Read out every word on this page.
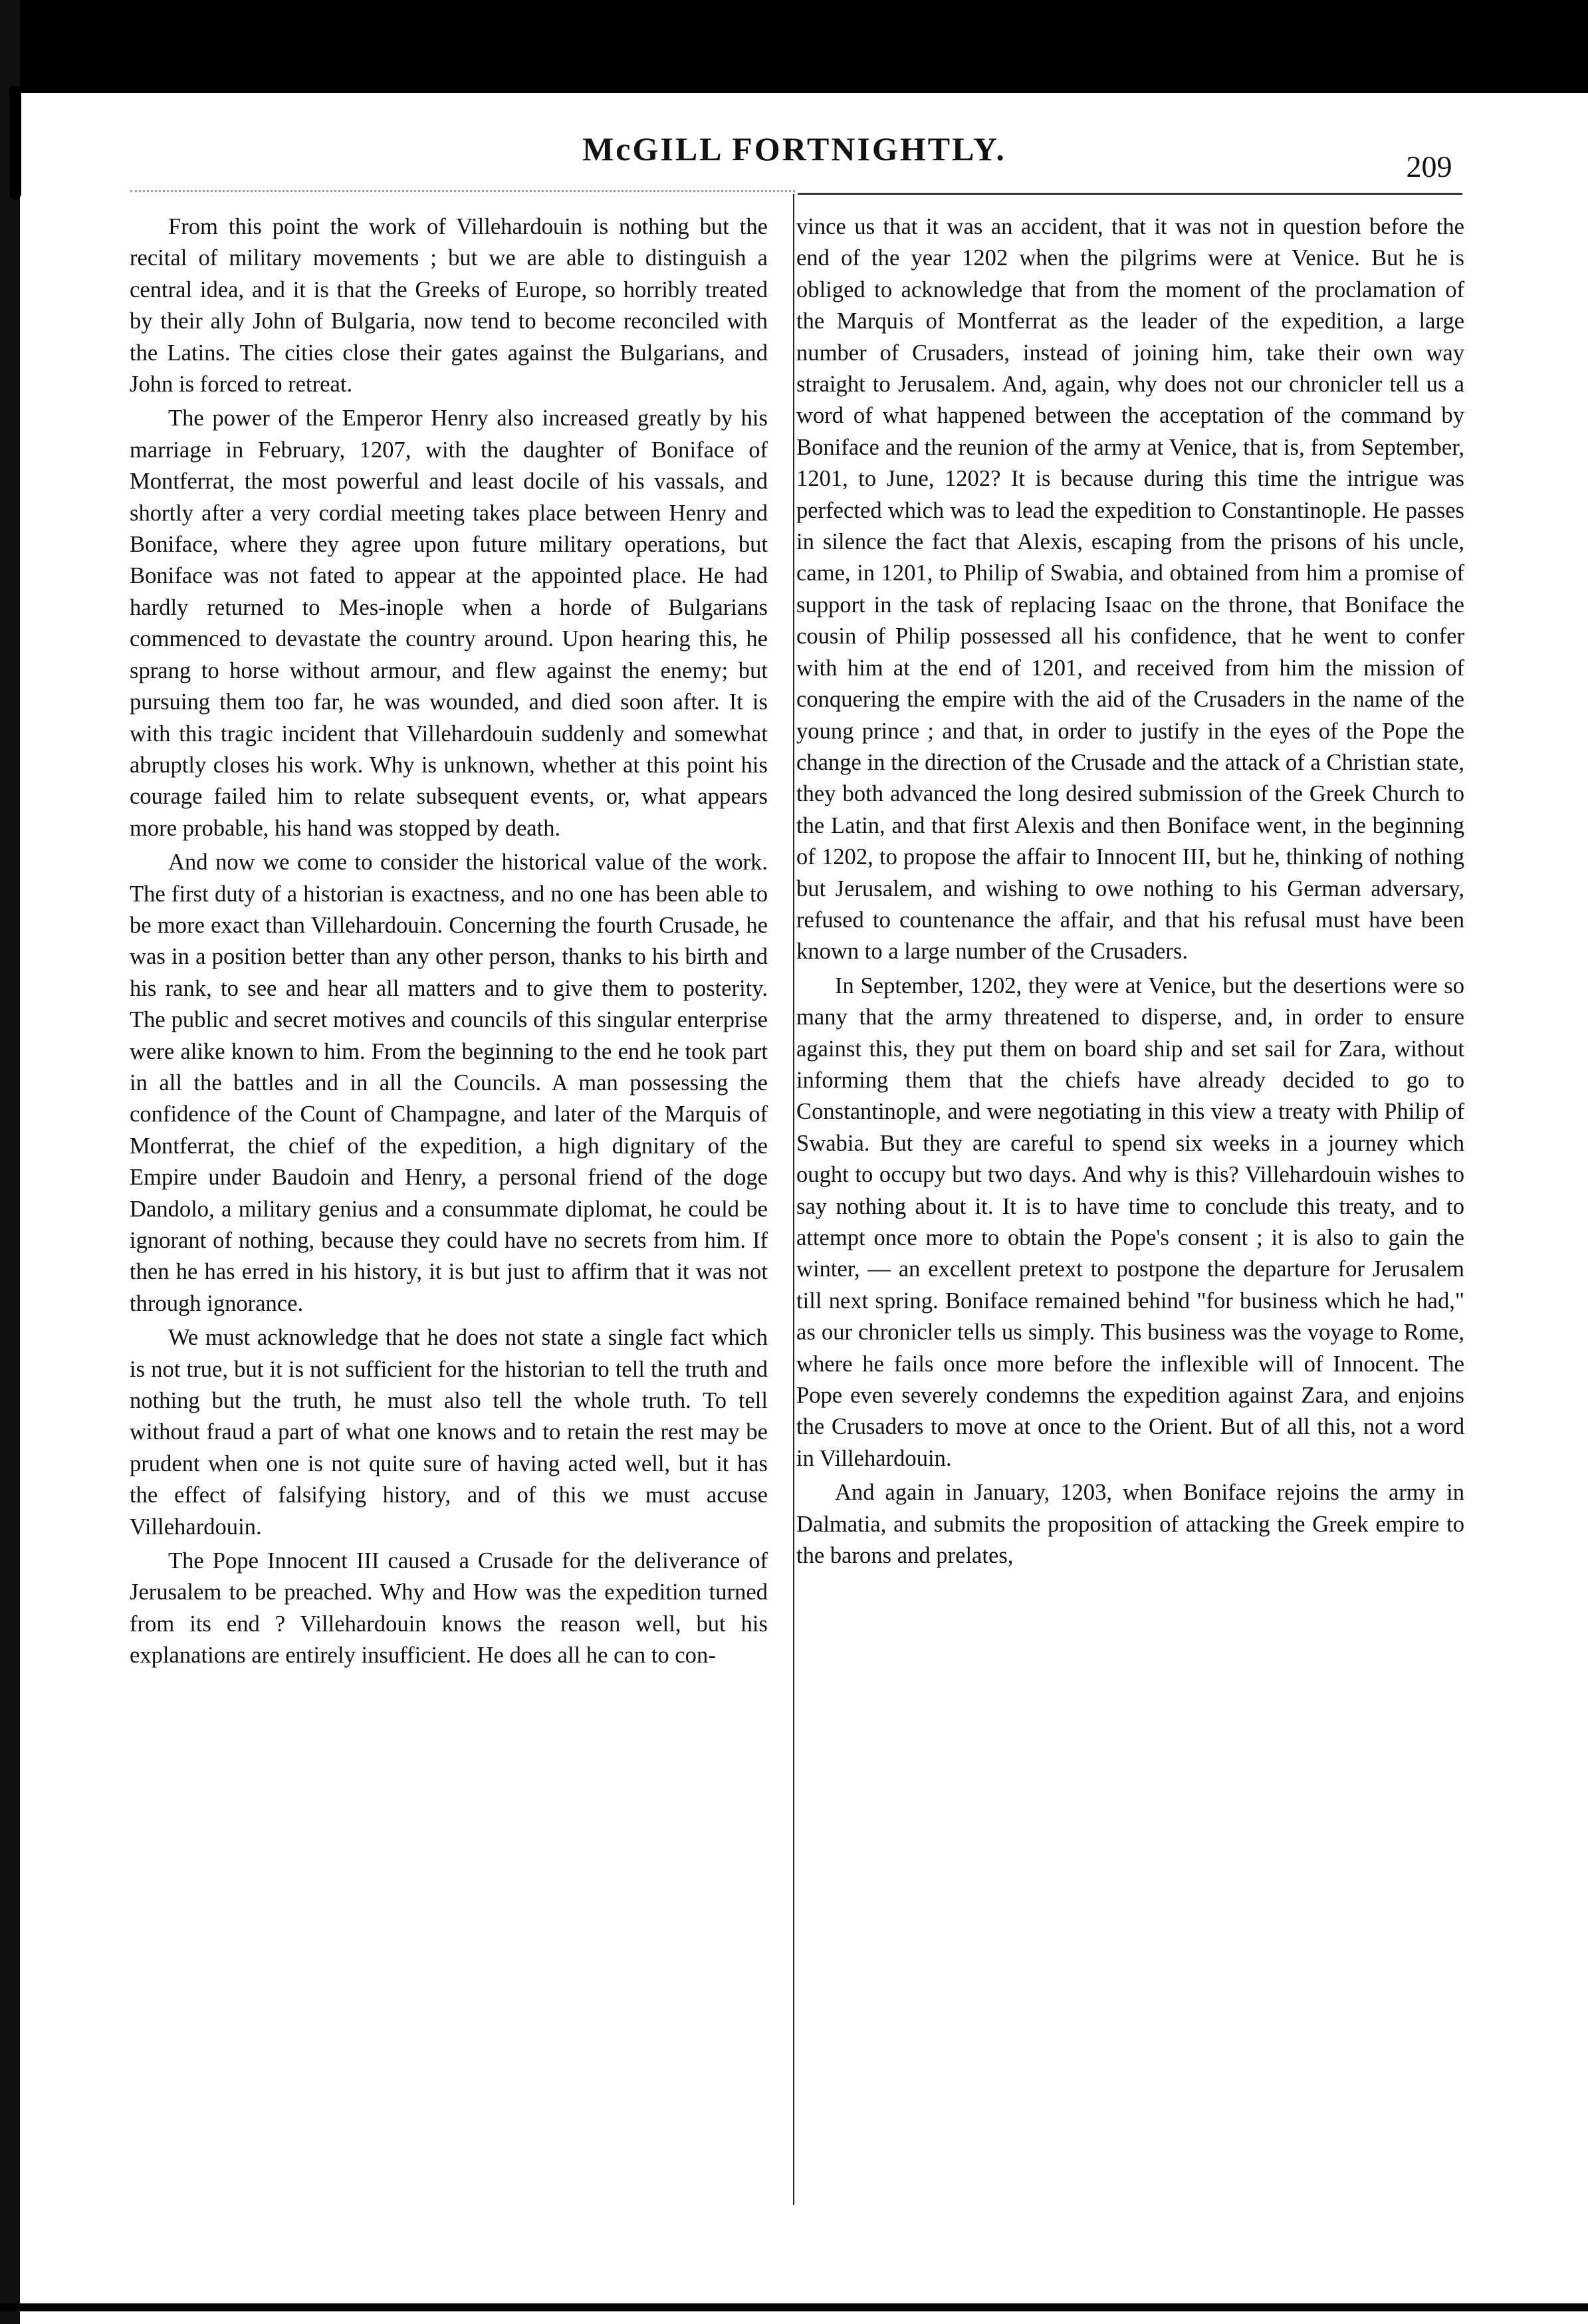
McGILL FORTNIGHTLY.	209

From this point the work of Villehardouin is nothing but the recital of military movements ; but we are able to distinguish a central idea, and it is that the Greeks of Europe, so horribly treated by their ally John of Bulgaria, now tend to become reconciled with the Latins. The cities close their gates against the Bulgarians, and John is forced to retreat.

The power of the Emperor Henry also increased greatly by his marriage in February, 1207, with the daughter of Boniface of Montferrat, the most powerful and least docile of his vassals, and shortly after a very cordial meeting takes place between Henry and Boniface, where they agree upon future military operations, but Boniface was not fated to appear at the appointed place. He had hardly returned to Mes-inople when a horde of Bulgarians commenced to devastate the country around. Upon hearing this, he sprang to horse without armour, and flew against the enemy; but pursuing them too far, he was wounded, and died soon after. It is with this tragic incident that Villehardouin suddenly and somewhat abruptly closes his work. Why is unknown, whether at this point his courage failed him to relate subsequent events, or, what appears more probable, his hand was stopped by death.

And now we come to consider the historical value of the work. The first duty of a historian is exactness, and no one has been able to be more exact than Villehardouin. Concerning the fourth Crusade, he was in a position better than any other person, thanks to his birth and his rank, to see and hear all matters and to give them to posterity. The public and secret motives and councils of this singular enterprise were alike known to him. From the beginning to the end he took part in all the battles and in all the Councils. A man possessing the confidence of the Count of Champagne, and later of the Marquis of Montferrat, the chief of the expedition, a high dignitary of the Empire under Baudoin and Henry, a personal friend of the doge Dandolo, a military genius and a consummate diplomat, he could be ignorant of nothing, because they could have no secrets from him. If then he has erred in his history, it is but just to affirm that it was not through ignorance.

We must acknowledge that he does not state a single fact which is not true, but it is not sufficient for the historian to tell the truth and nothing but the truth, he must also tell the whole truth. To tell without fraud a part of what one knows and to retain the rest may be prudent when one is not quite sure of having acted well, but it has the effect of falsifying history, and of this we must accuse Villehardouin.

The Pope Innocent III caused a Crusade for the deliverance of Jerusalem to be preached. Why and How was the expedition turned from its end ? Villehardouin knows the reason well, but his explanations are entirely insufficient. He does all he can to con-

vince us that it was an accident, that it was not in question before the end of the year 1202 when the pilgrims were at Venice. But he is obliged to acknowledge that from the moment of the proclamation of the Marquis of Montferrat as the leader of the expedition, a large number of Crusaders, instead of joining him, take their own way straight to Jerusalem. And, again, why does not our chronicler tell us a word of what happened between the acceptation of the command by Boniface and the reunion of the army at Venice, that is, from September, 1201, to June, 1202? It is because during this time the intrigue was perfected which was to lead the expedition to Constantinople. He passes in silence the fact that Alexis, escaping from the prisons of his uncle, came, in 1201, to Philip of Swabia, and obtained from him a promise of support in the task of replacing Isaac on the throne, that Boniface the cousin of Philip possessed all his confidence, that he went to confer with him at the end of 1201, and received from him the mission of conquering the empire with the aid of the Crusaders in the name of the young prince ; and that, in order to justify in the eyes of the Pope the change in the direction of the Crusade and the attack of a Christian state, they both advanced the long desired submission of the Greek Church to the Latin, and that first Alexis and then Boniface went, in the beginning of 1202, to propose the affair to Innocent III, but he, thinking of nothing but Jerusalem, and wishing to owe nothing to his German adversary, refused to countenance the affair, and that his refusal must have been known to a large number of the Crusaders.

In September, 1202, they were at Venice, but the desertions were so many that the army threatened to disperse, and, in order to ensure against this, they put them on board ship and set sail for Zara, without informing them that the chiefs have already decided to go to Constantinople, and were negotiating in this view a treaty with Philip of Swabia. But they are careful to spend six weeks in a journey which ought to occupy but two days. And why is this? Villehardouin wishes to say nothing about it. It is to have time to conclude this treaty, and to attempt once more to obtain the Pope's consent ; it is also to gain the winter, — an excellent pretext to postpone the departure for Jerusalem till next spring. Boniface remained behind "for business which he had," as our chronicler tells us simply. This business was the voyage to Rome, where he fails once more before the inflexible will of Innocent. The Pope even severely condemns the expedition against Zara, and enjoins the Crusaders to move at once to the Orient. But of all this, not a word in Villehardouin.

And again in January, 1203, when Boniface rejoins the army in Dalmatia, and submits the proposition of attacking the Greek empire to the barons and prelates,
